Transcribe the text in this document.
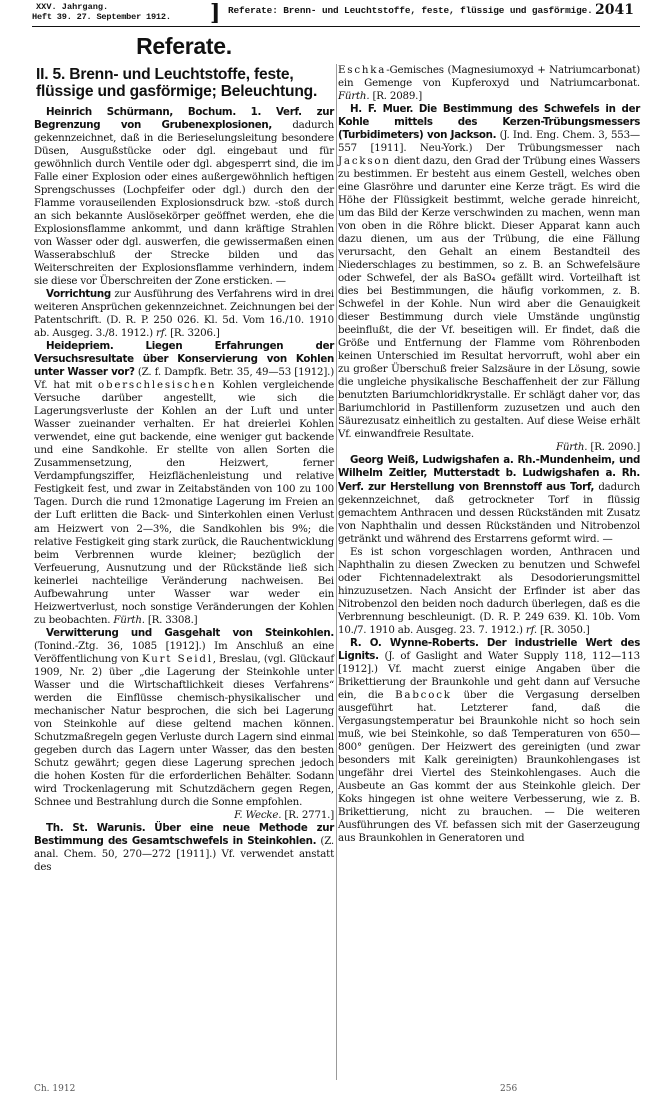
XXV. Jahrgang.
Heft 39. 27. September 1912.	] Referate: Brenn- und Leuchtstoffe, feste, flüssige und gasförmige. 2041
Referate.
II. 5. Brenn- und Leuchtstoffe, feste, flüssige und gasförmige; Beleuchtung.

Heinrich Schürmann, Bochum. 1. Verf. zur Begrenzung von Grubenexplosionen, dadurch gekennzeichnet, daß in die Berieselungsleitung besondere Düsen, Ausgußstücke oder dgl. eingebaut und für gewöhnlich durch Ventile oder dgl. abgesperrt sind, die im Falle einer Explosion oder eines außergewöhnlich heftigen Sprengschusses (Lochpfeifer oder dgl.) durch den der Flamme vorauseilenden Explosionsdruck bzw. -stoß durch an sich bekannte Auslösekörper geöffnet werden, ehe die Explosionsflamme ankommt, und dann kräftige Strahlen von Wasser oder dgl. auswerfen, die gewissermaßen einen Wasserabschluß der Strecke bilden und das Weiterschreiten der Explosionsflamme verhindern, indem sie diese vor Überschreiten der Zone ersticken. —

Vorrichtung zur Ausführung des Verfahrens wird in drei weiteren Ansprüchen gekennzeichnet. Zeichnungen bei der Patentschrift. (D. R. P. 250 026. Kl. 5d. Vom 16./10. 1910 ab. Ausgeg. 3./8. 1912.) rf. [R. 3206.]

Heidepriem.	Liegen Erfahrungen der Versuchsresultate über Konservierung von Kohlen unter Wasser vor? (Z. f. Dampfk. Betr. 35, 49—53 [1912].) Vf. hat mit oberschlesischen Kohlen vergleichende Versuche darüber angestellt, wie sich die Lagerungsverluste der Kohlen an der Luft und unter Wasser zueinander verhalten. Er hat dreierlei Kohlen verwendet, eine gut backende, eine weniger gut backende und eine Sandkohle. Er stellte von allen Sorten die Zusammensetzung, den Heizwert, ferner Verdampfungsziffer, Heizflächenleistung und relative Festigkeit fest, und zwar in Zeitabständen von 100 zu 100 Tagen. Durch die rund 12monatige Lagerung im Freien an der Luft erlitten die Back- und Sinterkohlen einen Verlust am Heizwert von 2—3%, die Sandkohlen bis 9%; die relative Festigkeit ging stark zurück, die Rauchentwicklung beim Verbrennen wurde kleiner; bezüglich der Verfeuerung, Ausnutzung und der Rückstände ließ sich keinerlei nachteilige Veränderung nachweisen. Bei Aufbewahrung unter Wasser war weder ein Heizwertverlust, noch sonstige Veränderungen der Kohlen zu beobachten. Fürth. [R. 3308.]

Verwitterung und Gasgehalt von Steinkohlen. (Tonind.-Ztg. 36, 1085 [1912].) Im Anschluß an eine Veröffentlichung von Kurt Seidl, Breslau, (vgl. Glückauf 1909, Nr. 2) über „die Lagerung der Steinkohle unter Wasser und die Wirtschaftlichkeit dieses Verfahrens“ werden die Einflüsse chemisch-physikalischer und mechanischer Natur besprochen, die sich bei Lagerung von Steinkohle auf diese geltend machen können. Schutzmaßregeln gegen Verluste durch Lagern sind einmal gegeben durch das Lagern unter Wasser, das den besten Schutz gewährt; gegen diese Lagerung sprechen jedoch die hohen Kosten für die erforderlichen Behälter. Sodann wird Trockenlagerung mit Schutzdächern gegen Regen, Schnee und Bestrahlung durch die Sonne empfohlen.
F. Wecke. [R. 2771.]

Th. St. Warunis. Über eine neue Methode zur Bestimmung des Gesamtschwefels in Steinkohlen. (Z. anal. Chem. 50, 270—272 [1911].) Vf. verwendet anstatt des

Eschka-Gemisches (Magnesiumoxyd + Natriumcarbonat) ein Gemenge von Kupferoxyd und Natriumcarbonat. Fürth. [R. 2089.]

H. F. Muer. Die Bestimmung des Schwefels in der Kohle mittels des Kerzen-Trübungsmessers (Turbidimeters) von Jackson. (J. Ind. Eng. Chem. 3, 553—557 [1911]. Neu-York.) Der Trübungsmesser nach Jackson dient dazu, den Grad der Trübung eines Wassers zu bestimmen. Er besteht aus einem Gestell, welches oben eine Glasröhre und darunter eine Kerze trägt. Es wird die Höhe der Flüssigkeit bestimmt, welche gerade hinreicht, um das Bild der Kerze verschwinden zu machen, wenn man von oben in die Röhre blickt. Dieser Apparat kann auch dazu dienen, um aus der Trübung, die eine Fällung verursacht, den Gehalt an einem Bestandteil des Niederschlages zu bestimmen, so z. B. an Schwefelsäure oder Schwefel, der als BaSO₄ gefällt wird. Vorteilhaft ist dies bei Bestimmungen, die häufig vorkommen, z. B. Schwefel in der Kohle. Nun wird aber die Genauigkeit dieser Bestimmung durch viele Umstände ungünstig beeinflußt, die der Vf. beseitigen will. Er findet, daß die Größe und Entfernung der Flamme vom Röhrenboden keinen Unterschied im Resultat hervorruft, wohl aber ein zu großer Überschuß freier Salzsäure in der Lösung, sowie die ungleiche physikalische Beschaffenheit der zur Fällung benutzten Bariumchloridkrystalle. Er schlägt daher vor, das Bariumchlorid in Pastillenform zuzusetzen und auch den Säurezusatz einheitlich zu gestalten. Auf diese Weise erhält Vf. einwandfreie Resultate.
Fürth. [R. 2090.]

Georg Weiß, Ludwigshafen a. Rh.-Mundenheim, und Wilhelm Zeitler, Mutterstadt b. Ludwigshafen a. Rh. Verf. zur Herstellung von Brennstoff aus Torf, dadurch gekennzeichnet, daß getrockneter Torf in flüssig gemachtem Anthracen und dessen Rückständen mit Zusatz von Naphthalin und dessen Rückständen und Nitrobenzol getränkt und während des Erstarrens geformt wird. —

Es ist schon vorgeschlagen worden, Anthracen und Naphthalin zu diesen Zwecken zu benutzen und Schwefel oder Fichtennadelextrakt als Desodorierungsmittel hinzuzusetzen. Nach Ansicht der Erfinder ist aber das Nitrobenzol den beiden noch dadurch überlegen, daß es die Verbrennung beschleunigt. (D. R. P. 249 639. Kl. 10b. Vom 10./7. 1910 ab. Ausgeg. 23. 7. 1912.) rf. [R. 3050.]

R. O. Wynne-Roberts. Der industrielle Wert des Lignits. (J. of Gaslight and Water Supply 118, 112—113 [1912].) Vf. macht zuerst einige Angaben über die Brikettierung der Braunkohle und geht dann auf Versuche ein, die Babcock über die Vergasung derselben ausgeführt hat. Letzterer fand, daß die Vergasungstemperatur bei Braunkohle nicht so hoch sein muß, wie bei Steinkohle, so daß Temperaturen von 650—800° genügen. Der Heizwert des gereinigten (und zwar besonders mit Kalk gereinigten) Braunkohlengases ist ungefähr drei Viertel des Steinkohlengases. Auch die Ausbeute an Gas kommt der aus Steinkohle gleich. Der Koks hingegen ist ohne weitere Verbesserung, wie z. B. Brikettierung, nicht zu brauchen. — Die weiteren Ausführungen des Vf. befassen sich mit der Gaserzeugung aus Braunkohlen in Generatoren und

Ch. 1912	256
